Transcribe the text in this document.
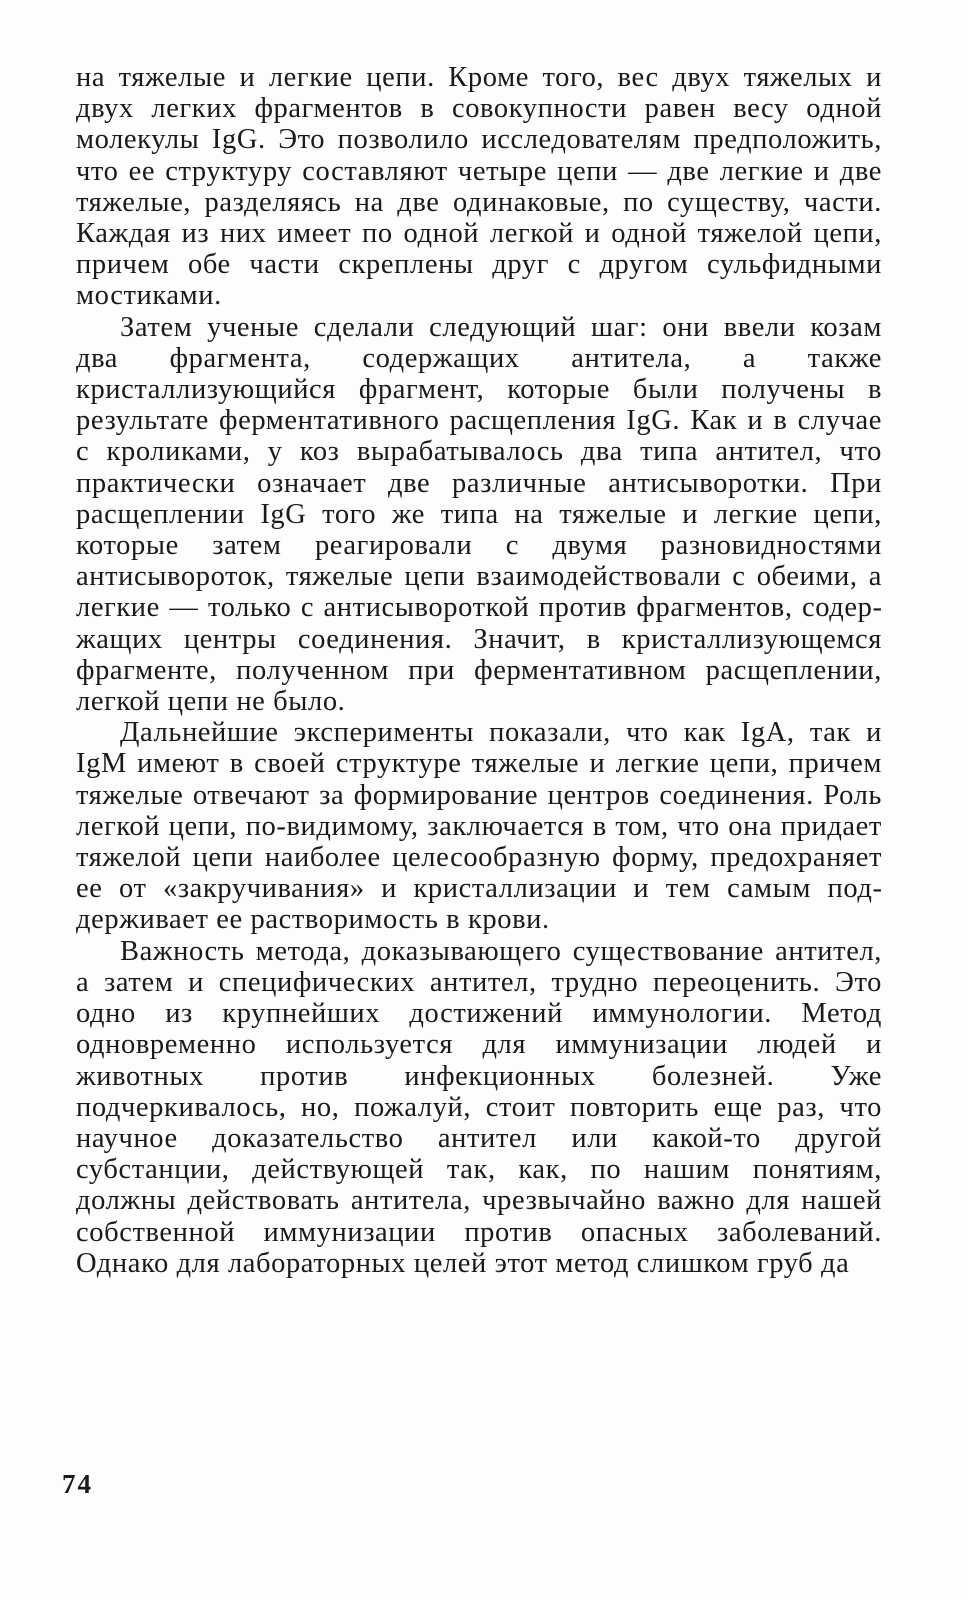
на тяжелые и легкие цепи. Кроме того, вес двух тяжелых и двух легких фрагментов в совокупности равен весу одной молекулы IgG. Это позволило исследователям предположить, что ее структуру составляют четыре цепи — две легкие и две тяжелые, разделяясь на две одинаковые, по существу, части. Каждая из них имеет по одной легкой и одной тяжелой цепи, причем обе части скреплены друг с другом сульфидными мостиками.

Затем ученые сделали следующий шаг: они ввели козам два фрагмента, содержащих антитела, а также кристаллизующийся фрагмент, которые были получены в результате ферментативного расщепления IgG. Как и в случае с кроликами, у коз вырабатывалось два типа антител, что практически означает две различные антисыворотки. При расщеплении IgG того же типа на тяжелые и легкие цепи, которые затем реагировали с двумя разновидностями антисывороток, тяжелые цепи взаимодействовали с обеими, а легкие — только с антисывороткой против фрагментов, содержащих центры соединения. Значит, в кристаллизующемся фрагменте, полученном при ферментативном расщеплении, легкой цепи не было.

Дальнейшие эксперименты показали, что как IgA, так и IgM имеют в своей структуре тяжелые и легкие цепи, причем тяжелые отвечают за формирование центров соединения. Роль легкой цепи, по-видимому, заключается в том, что она придает тяжелой цепи наиболее целесообразную форму, предохраняет ее от «закручивания» и кристаллизации и тем самым поддерживает ее растворимость в крови.

Важность метода, доказывающего существование антител, а затем и специфических антител, трудно переоценить. Это одно из крупнейших достижений иммунологии. Метод одновременно используется для иммунизации людей и животных против инфекционных болезней. Уже подчеркивалось, но, пожалуй, стоит повторить еще раз, что научное доказательство антител или какой-то другой субстанции, действующей так, как, по нашим понятиям, должны действовать антитела, чрезвычайно важно для нашей собственной иммунизации против опасных заболеваний. Однако для лабораторных целей этот метод слишком груб да

74
